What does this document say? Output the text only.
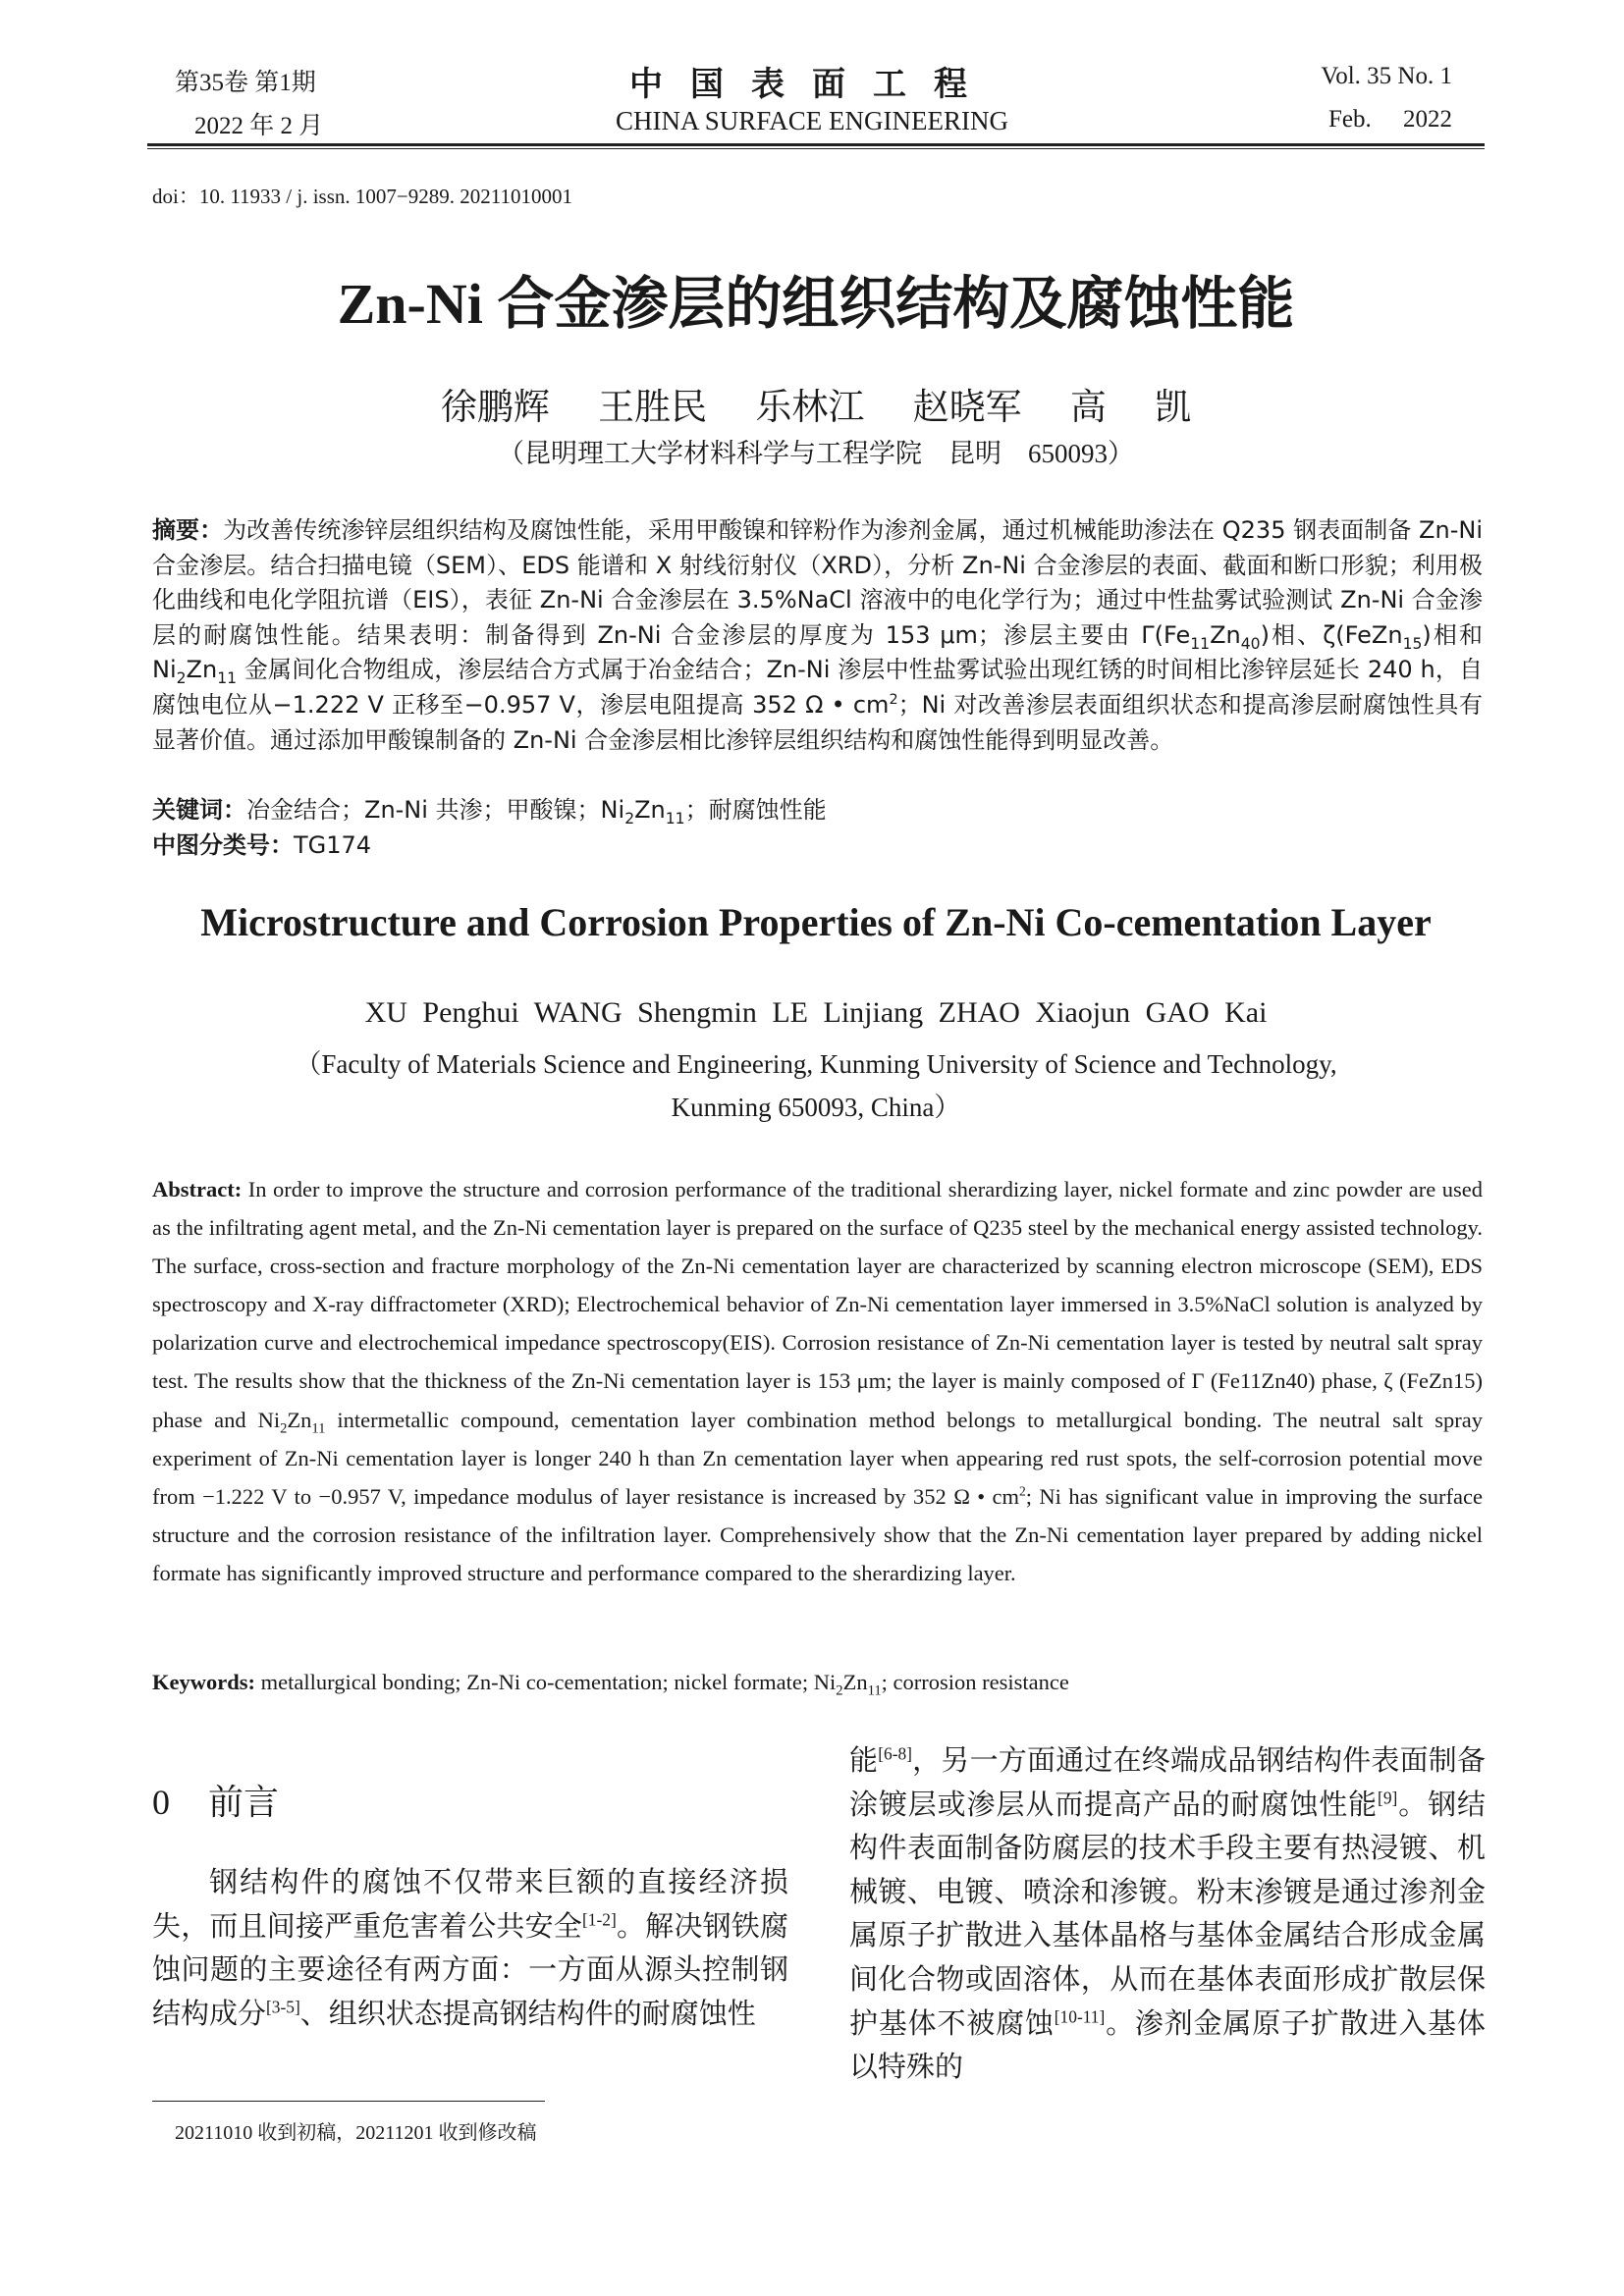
第35卷 第1期
2022 年 2 月
中国表面工程
CHINA SURFACE ENGINEERING
Vol. 35 No. 1
Feb. 2022
doi：10. 11933 / j. issn. 1007−9289. 20211010001
Zn-Ni 合金渗层的组织结构及腐蚀性能
徐鹏辉 王胜民 乐林江 赵晓军 高 凯
（昆明理工大学材料科学与工程学院　昆明　650093）
摘要：为改善传统渗锌层组织结构及腐蚀性能，采用甲酸镍和锌粉作为渗剂金属，通过机械能助渗法在 Q235 钢表面制备 Zn-Ni 合金渗层。结合扫描电镜（SEM）、EDS 能谱和 X 射线衍射仪（XRD），分析 Zn-Ni 合金渗层的表面、截面和断口形貌；利用极化曲线和电化学阻抗谱（EIS），表征 Zn-Ni 合金渗层在 3.5%NaCl 溶液中的电化学行为；通过中性盐雾试验测试 Zn-Ni 合金渗层的耐腐蚀性能。结果表明：制备得到 Zn-Ni 合金渗层的厚度为 153 μm；渗层主要由 $\Gamma(Fe_{11}Zn_{40})$相、ζ(FeZn$_{15}$)相和 $Ni_2Zn_{11}$ 金属间化合物组成，渗层结合方式属于冶金结合；Zn-Ni 渗层中性盐雾试验出现红锈的时间相比渗锌层延长 240 h，自腐蚀电位从−1.222 V 正移至−0.957 V，渗层电阻提高 352 Ω • $cm^2$；Ni 对改善渗层表面组织状态和提高渗层耐腐蚀性具有显著价值。通过添加甲酸镍制备的 Zn-Ni 合金渗层相比渗锌层组织结构和腐蚀性能得到明显改善。
关键词：冶金结合；Zn-Ni 共渗；甲酸镍；$Ni_2Zn_{11}$；耐腐蚀性能
中图分类号：TG174
Microstructure and Corrosion Properties of Zn-Ni Co-cementation Layer
XU Penghui WANG Shengmin LE Linjiang ZHAO Xiaojun GAO Kai
（Faculty of Materials Science and Engineering, Kunming University of Science and Technology,
Kunming 650093, China）
Abstract: In order to improve the structure and corrosion performance of the traditional sherardizing layer, nickel formate and zinc powder are used as the infiltrating agent metal, and the Zn-Ni cementation layer is prepared on the surface of Q235 steel by the mechanical energy assisted technology. The surface, cross-section and fracture morphology of the Zn-Ni cementation layer are characterized by scanning electron microscope (SEM), EDS spectroscopy and X-ray diffractometer (XRD); Electrochemical behavior of Zn-Ni cementation layer immersed in 3.5%NaCl solution is analyzed by polarization curve and electrochemical impedance spectroscopy(EIS). Corrosion resistance of Zn-Ni cementation layer is tested by neutral salt spray test. The results show that the thickness of the Zn-Ni cementation layer is 153 μm; the layer is mainly composed of Γ (Fe11Zn40) phase, ζ (FeZn15) phase and $Ni_2Zn_{11}$ intermetallic compound, cementation layer combination method belongs to metallurgical bonding. The neutral salt spray experiment of Zn-Ni cementation layer is longer 240 h than Zn cementation layer when appearing red rust spots, the self-corrosion potential move from −1.222 V to −0.957 V, impedance modulus of layer resistance is increased by 352 Ω • $cm^2$; Ni has significant value in improving the surface structure and the corrosion resistance of the infiltration layer. Comprehensively show that the Zn-Ni cementation layer prepared by adding nickel formate has significantly improved structure and performance compared to the sherardizing layer.
Keywords: metallurgical bonding; Zn-Ni co-cementation; nickel formate; $Ni_2Zn_{11}$; corrosion resistance
0 前言
钢结构件的腐蚀不仅带来巨额的直接经济损失，而且间接严重危害着公共安全[1-2]。解决钢铁腐蚀问题的主要途径有两方面：一方面从源头控制钢结构成分[3-5]、组织状态提高钢结构件的耐腐蚀性
能[6-8]，另一方面通过在终端成品钢结构件表面制备涂镀层或渗层从而提高产品的耐腐蚀性能[9]。钢结构件表面制备防腐层的技术手段主要有热浸镀、机械镀、电镀、喷涂和渗镀。粉末渗镀是通过渗剂金属原子扩散进入基体晶格与基体金属结合形成金属间化合物或固溶体，从而在基体表面形成扩散层保护基体不被腐蚀[10-11]。渗剂金属原子扩散进入基体以特殊的
20211010 收到初稿，20211201 收到修改稿
